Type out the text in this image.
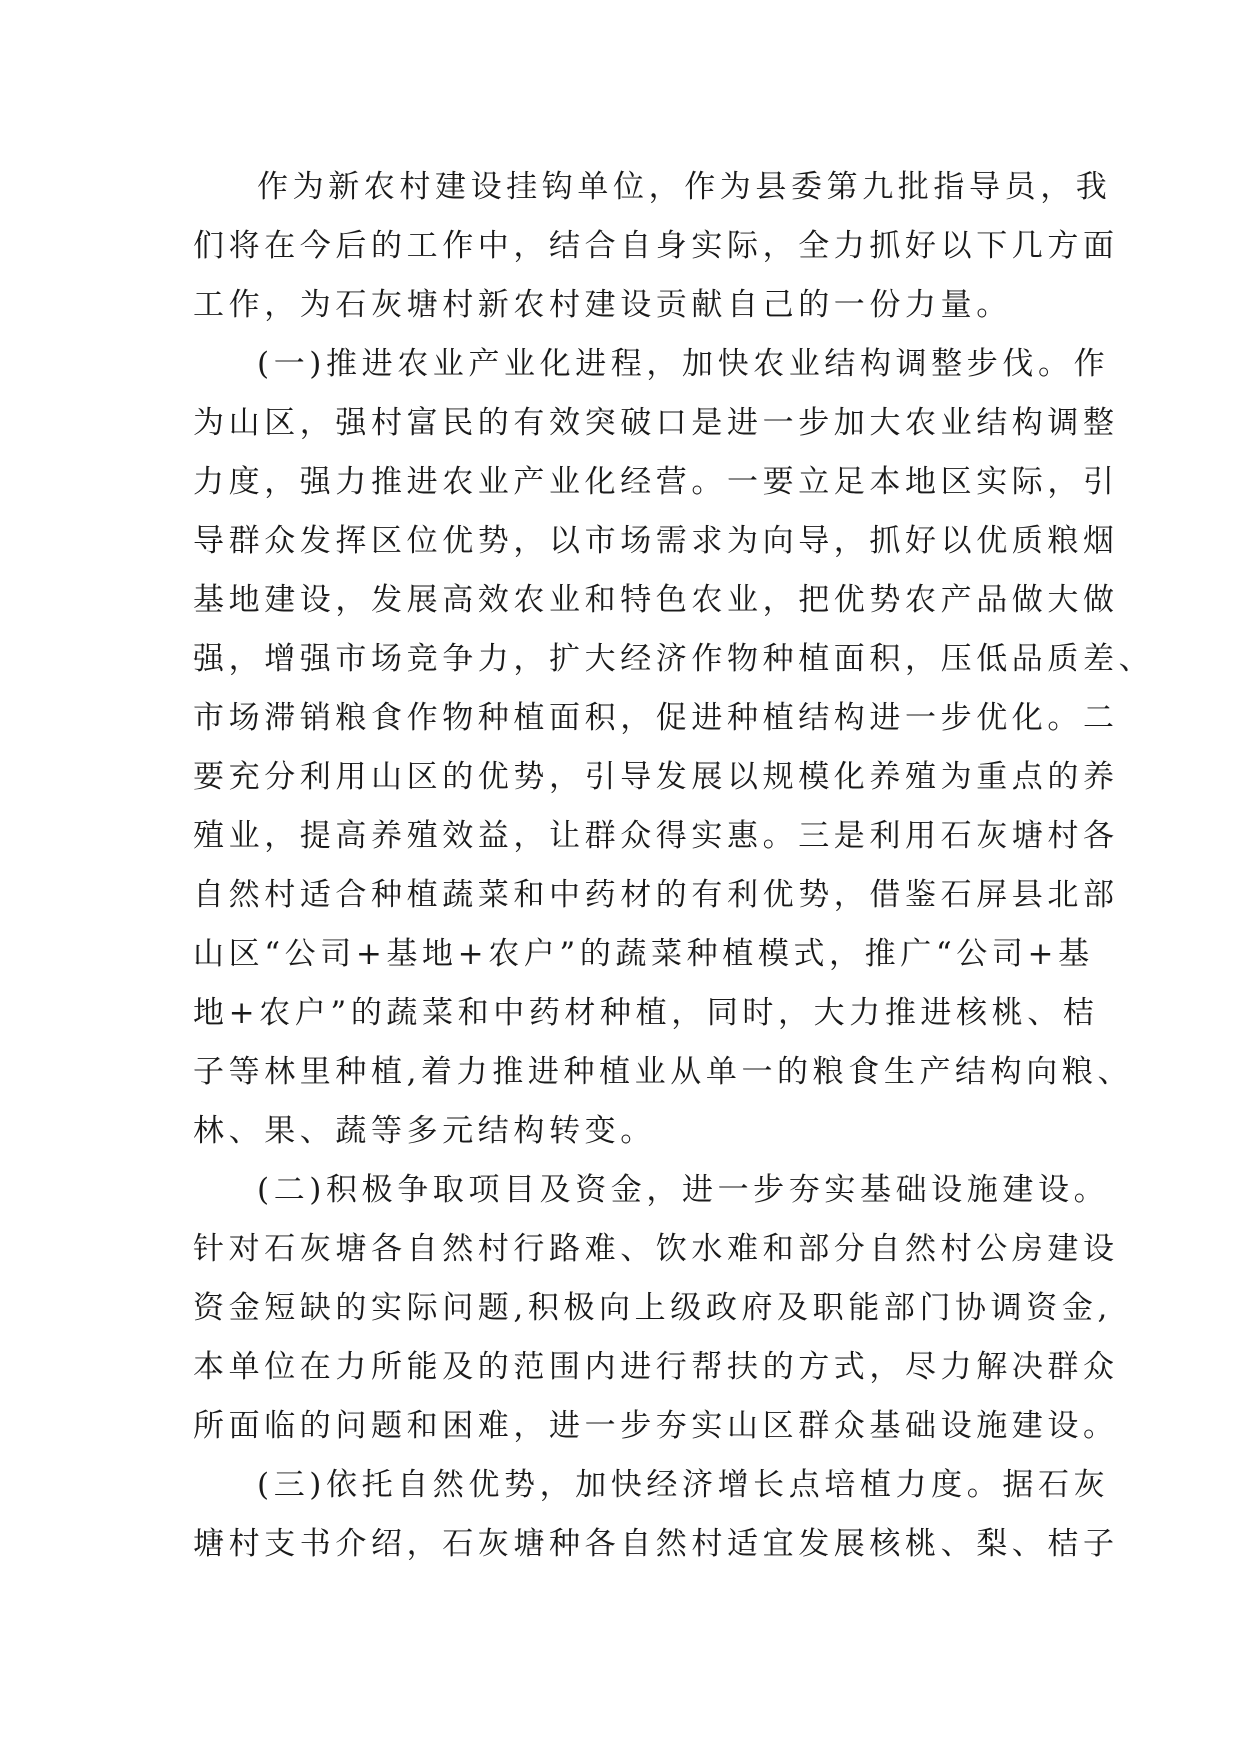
作为新农村建设挂钩单位，作为县委第九批指导员，我
们将在今后的工作中，结合自身实际，全力抓好以下几方面
工作，为石灰塘村新农村建设贡献自己的一份力量。

(一)推进农业产业化进程，加快农业结构调整步伐。作
为山区，强村富民的有效突破口是进一步加大农业结构调整
力度，强力推进农业产业化经营。一要立足本地区实际，引
导群众发挥区位优势，以市场需求为向导，抓好以优质粮烟
基地建设，发展高效农业和特色农业，把优势农产品做大做
强，增强市场竞争力，扩大经济作物种植面积，压低品质差、
市场滞销粮食作物种植面积，促进种植结构进一步优化。二
要充分利用山区的优势，引导发展以规模化养殖为重点的养
殖业，提高养殖效益，让群众得实惠。三是利用石灰塘村各
自然村适合种植蔬菜和中药材的有利优势，借鉴石屏县北部
山区“公司+基地+农户”的蔬菜种植模式，推广“公司+基
地+农户”的蔬菜和中药材种植，同时，大力推进核桃、桔
子等林里种植,着力推进种植业从单一的粮食生产结构向粮、
林、果、蔬等多元结构转变。

(二)积极争取项目及资金，进一步夯实基础设施建设。
针对石灰塘各自然村行路难、饮水难和部分自然村公房建设
资金短缺的实际问题,积极向上级政府及职能部门协调资金,
本单位在力所能及的范围内进行帮扶的方式，尽力解决群众
所面临的问题和困难，进一步夯实山区群众基础设施建设。

(三)依托自然优势，加快经济增长点培植力度。据石灰
塘村支书介绍，石灰塘种各自然村适宜发展核桃、梨、桔子
